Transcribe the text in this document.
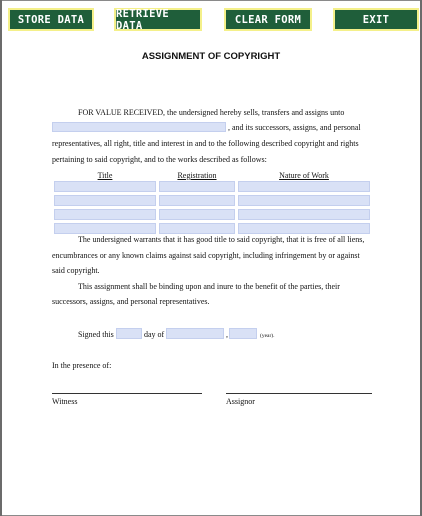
STORE DATA	RETRIEVE DATA	CLEAR FORM	EXIT
ASSIGNMENT OF COPYRIGHT
FOR VALUE RECEIVED, the undersigned hereby sells, transfers and assigns unto
, and its successors, assigns, and personal
representatives, all right, title and interest in and to the following described copyright and rights
pertaining to said copyright, and to the works described as follows:
Title	Registration	Nature of Work
The undersigned warrants that it has good title to said copyright, that it is free of all liens,
encumbrances or any known claims against said copyright, including infringement by or against
said copyright.
This assignment shall be binding upon and inure to the benefit of the parties, their
successors, assigns, and personal representatives.
Signed this	day of	,	(year).
In the presence of:
Witness	Assignor
